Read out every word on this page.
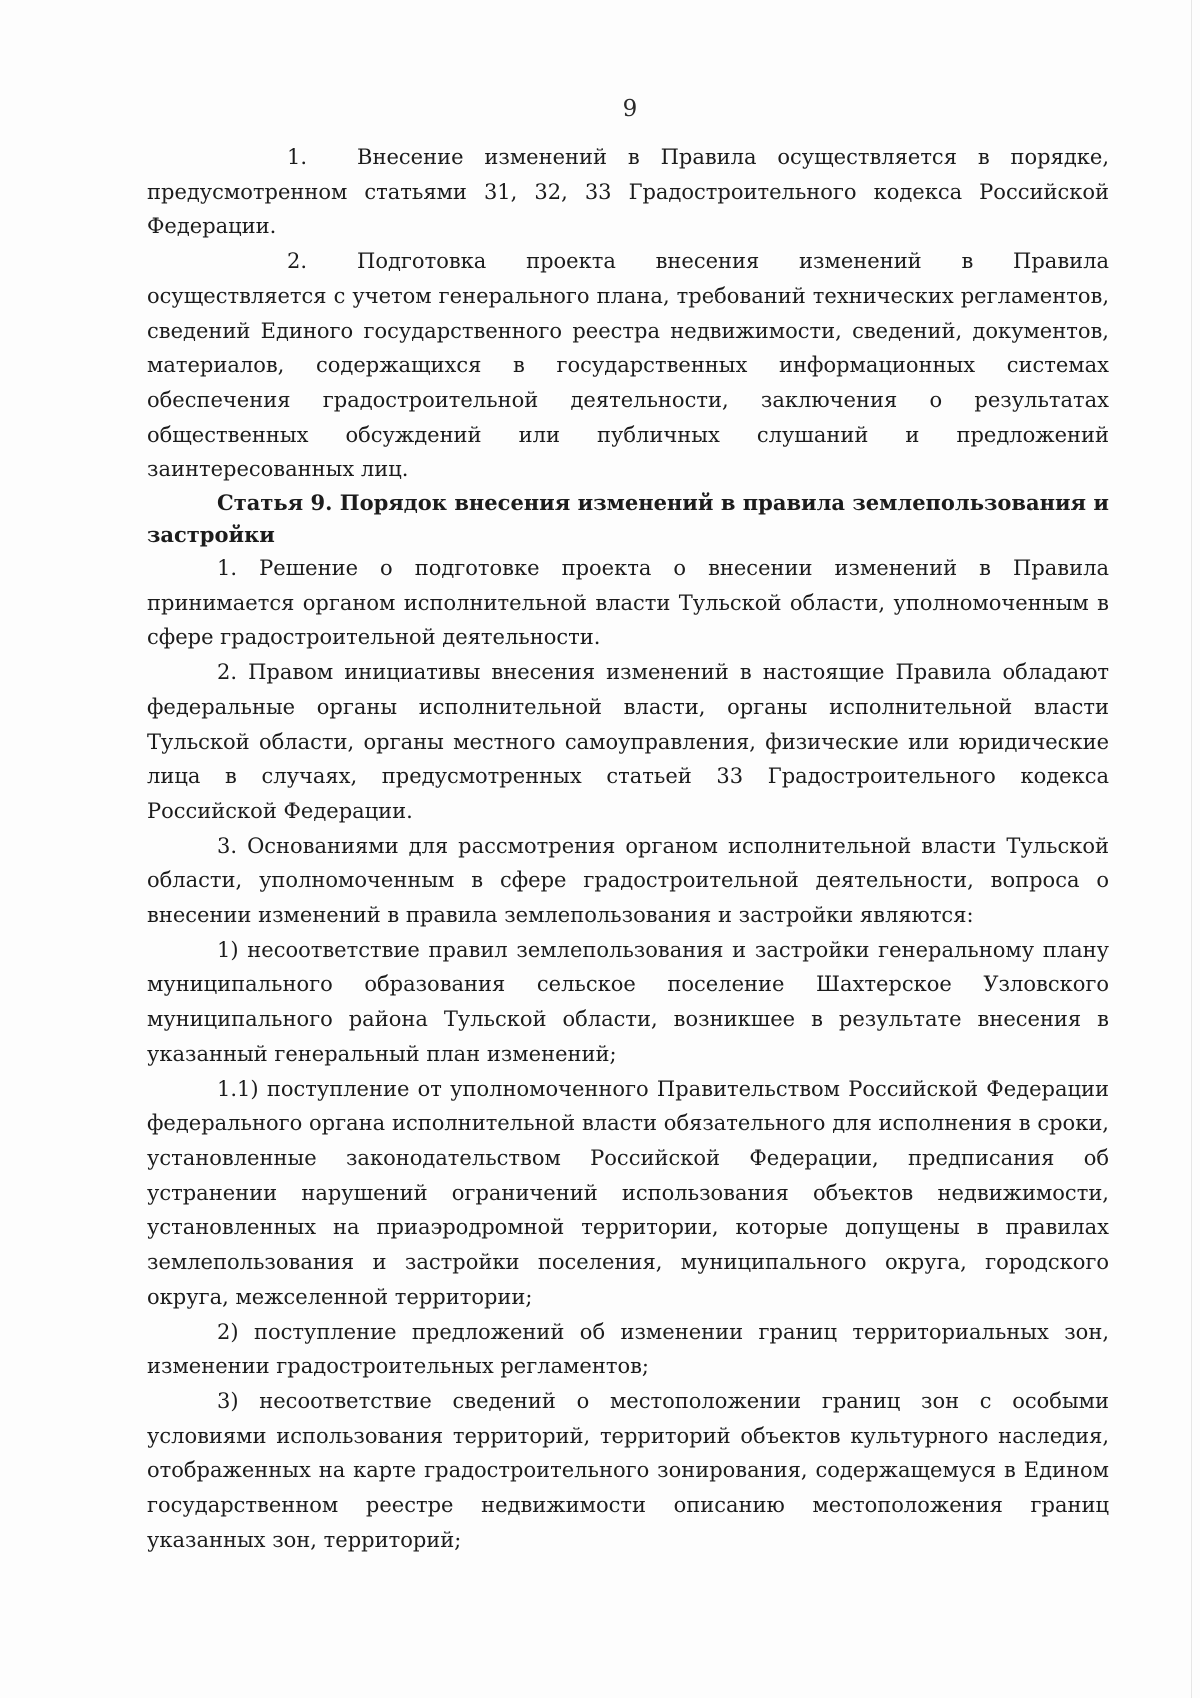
9

1. Внесение изменений в Правила осуществляется в порядке, предусмотренном статьями 31, 32, 33 Градостроительного кодекса Российской Федерации.

2. Подготовка проекта внесения изменений в Правила осуществляется с учетом генерального плана, требований технических регламентов, сведений Единого государственного реестра недвижимости, сведений, документов, материалов, содержащихся в государственных информационных системах обеспечения градостроительной деятельности, заключения о результатах общественных обсуждений или публичных слушаний и предложений заинтересованных лиц.

Статья 9. Порядок внесения изменений в правила землепользования и застройки

1. Решение о подготовке проекта о внесении изменений в Правила принимается органом исполнительной власти Тульской области, уполномоченным в сфере градостроительной деятельности.

2. Правом инициативы внесения изменений в настоящие Правила обладают федеральные органы исполнительной власти, органы исполнительной власти Тульской области, органы местного самоуправления, физические или юридические лица в случаях, предусмотренных статьей 33 Градостроительного кодекса Российской Федерации.

3. Основаниями для рассмотрения органом исполнительной власти Тульской области, уполномоченным в сфере градостроительной деятельности, вопроса о внесении изменений в правила землепользования и застройки являются:

1) несоответствие правил землепользования и застройки генеральному плану муниципального образования сельское поселение Шахтерское Узловского муниципального района Тульской области, возникшее в результате внесения в указанный генеральный план изменений;

1.1) поступление от уполномоченного Правительством Российской Федерации федерального органа исполнительной власти обязательного для исполнения в сроки, установленные законодательством Российской Федерации, предписания об устранении нарушений ограничений использования объектов недвижимости, установленных на приаэродромной территории, которые допущены в правилах землепользования и застройки поселения, муниципального округа, городского округа, межселенной территории;

2) поступление предложений об изменении границ территориальных зон, изменении градостроительных регламентов;

3) несоответствие сведений о местоположении границ зон с особыми условиями использования территорий, территорий объектов культурного наследия, отображенных на карте градостроительного зонирования, содержащемуся в Едином государственном реестре недвижимости описанию местоположения границ указанных зон, территорий;
